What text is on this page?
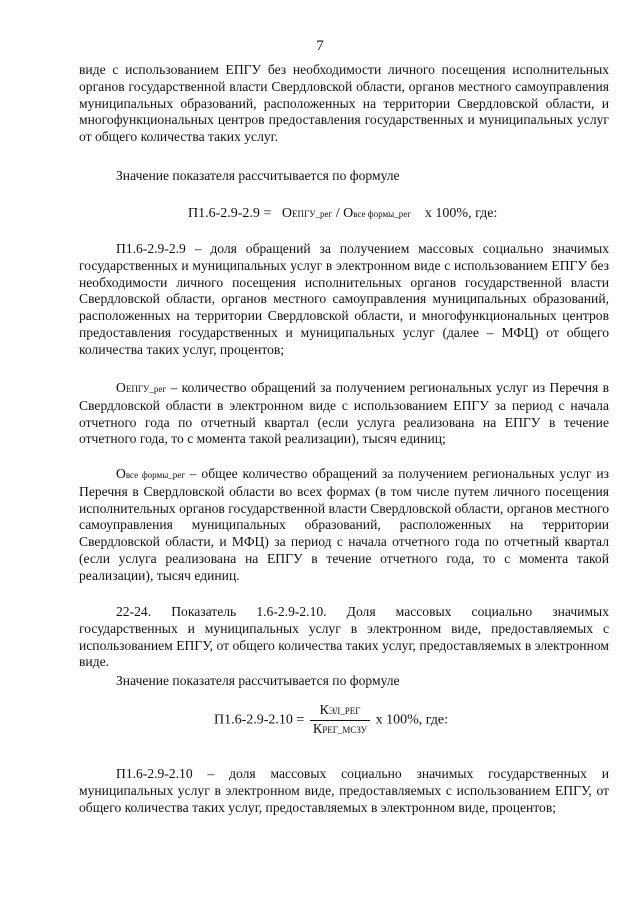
7

виде с использованием ЕПГУ без необходимости личного посещения исполнительных органов государственной власти Свердловской области, органов местного самоуправления муниципальных образований, расположенных на территории Свердловской области, и многофункциональных центров предоставления государственных и муниципальных услуг от общего количества таких услуг.

Значение показателя рассчитывается по формуле

П1.6-2.9-2.9 = ОЕПГУ_рег / Овсе формы_рег х 100%, где:

П1.6-2.9-2.9 – доля обращений за получением массовых социально значимых государственных и муниципальных услуг в электронном виде с использованием ЕПГУ без необходимости личного посещения исполнительных органов государственной власти Свердловской области, органов местного самоуправления муниципальных образований, расположенных на территории Свердловской области, и многофункциональных центров предоставления государственных и муниципальных услуг (далее – МФЦ) от общего количества таких услуг, процентов;

ОЕПГУ_рег – количество обращений за получением региональных услуг из Перечня в Свердловской области в электронном виде с использованием ЕПГУ за период с начала отчетного года по отчетный квартал (если услуга реализована на ЕПГУ в течение отчетного года, то с момента такой реализации), тысяч единиц;

Овсе формы_рег – общее количество обращений за получением региональных услуг из Перечня в Свердловской области во всех формах (в том числе путем личного посещения исполнительных органов государственной власти Свердловской области, органов местного самоуправления муниципальных образований, расположенных на территории Свердловской области, и МФЦ) за период с начала отчетного года по отчетный квартал (если услуга реализована на ЕПГУ в течение отчетного года, то с момента такой реализации), тысяч единиц.

22-24. Показатель 1.6-2.9-2.10. Доля массовых социально значимых государственных и муниципальных услуг в электронном виде, предоставляемых с использованием ЕПГУ, от общего количества таких услуг, предоставляемых в электронном виде.

Значение показателя рассчитывается по формуле

$П1.6-2.9-2.10 = \frac{\text{КЭЛ\_РЕГ}}{\text{КРЕГ\_МСЗУ}}$ х 100%, где:

П1.6-2.9-2.10 – доля массовых социально значимых государственных и муниципальных услуг в электронном виде, предоставляемых с использованием ЕПГУ, от общего количества таких услуг, предоставляемых в электронном виде, процентов;
